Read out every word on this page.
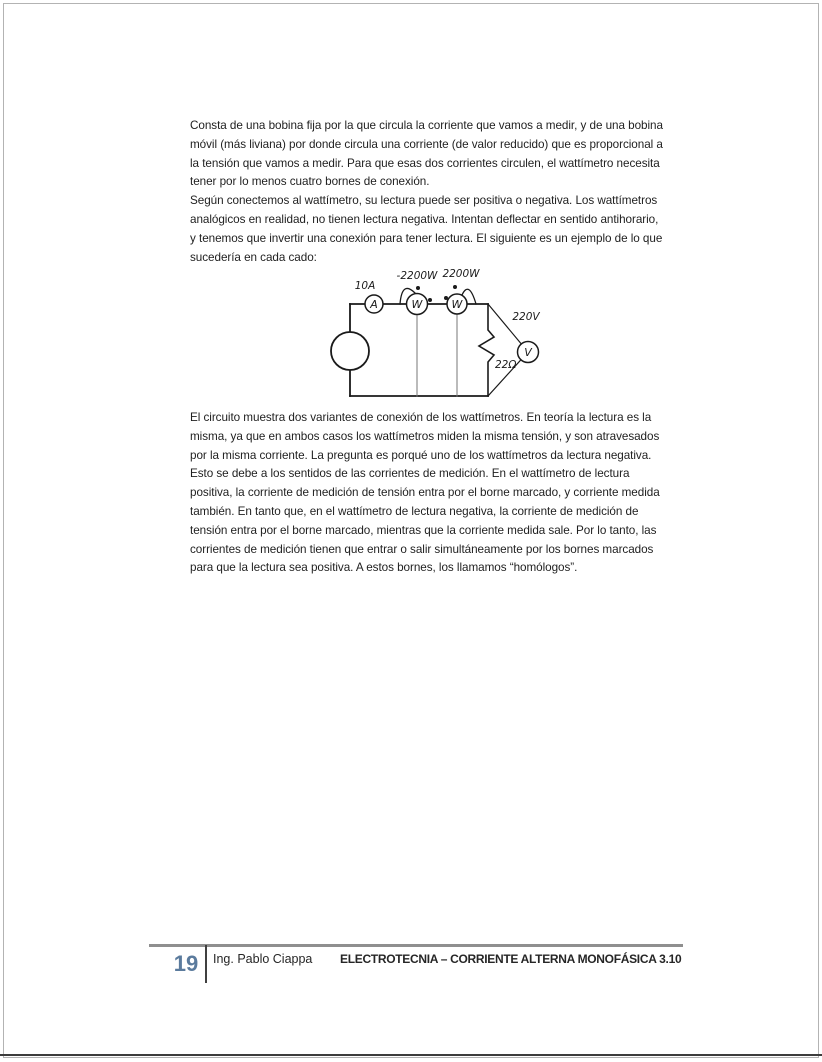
Consta de una bobina fija por la que circula la corriente que vamos a medir, y de una bobina
móvil (más liviana) por donde circula una corriente (de valor reducido) que es proporcional a
la tensión que vamos a medir. Para que esas dos corrientes circulen, el wattímetro necesita
tener por lo menos cuatro bornes de conexión.
Según conectemos al wattímetro, su lectura puede ser positiva o negativa. Los wattímetros
analógicos en realidad, no tienen lectura negativa. Intentan deflectar en sentido antihorario,
y tenemos que invertir una conexión para tener lectura. El siguiente es un ejemplo de lo que
sucedería en cada cado:
A	W	W
V
10A
-2200W 2200W
220V
22Ω
El circuito muestra dos variantes de conexión de los wattímetros. En teoría la lectura es la
misma, ya que en ambos casos los wattímetros miden la misma tensión, y son atravesados
por la misma corriente. La pregunta es porqué uno de los wattímetros da lectura negativa.
Esto se debe a los sentidos de las corrientes de medición. En el wattímetro de lectura
positiva, la corriente de medición de tensión entra por el borne marcado, y corriente medida
también. En tanto que, en el wattímetro de lectura negativa, la corriente de medición de
tensión entra por el borne marcado, mientras que la corriente medida sale. Por lo tanto, las
corrientes de medición tienen que entrar o salir simultáneamente por los bornes marcados
para que la lectura sea positiva. A estos bornes, los llamamos “homólogos”.
19	Ing. Pablo Ciappa ELECTROTECNIA – CORRIENTE ALTERNA MONOFÁSICA 3.10
